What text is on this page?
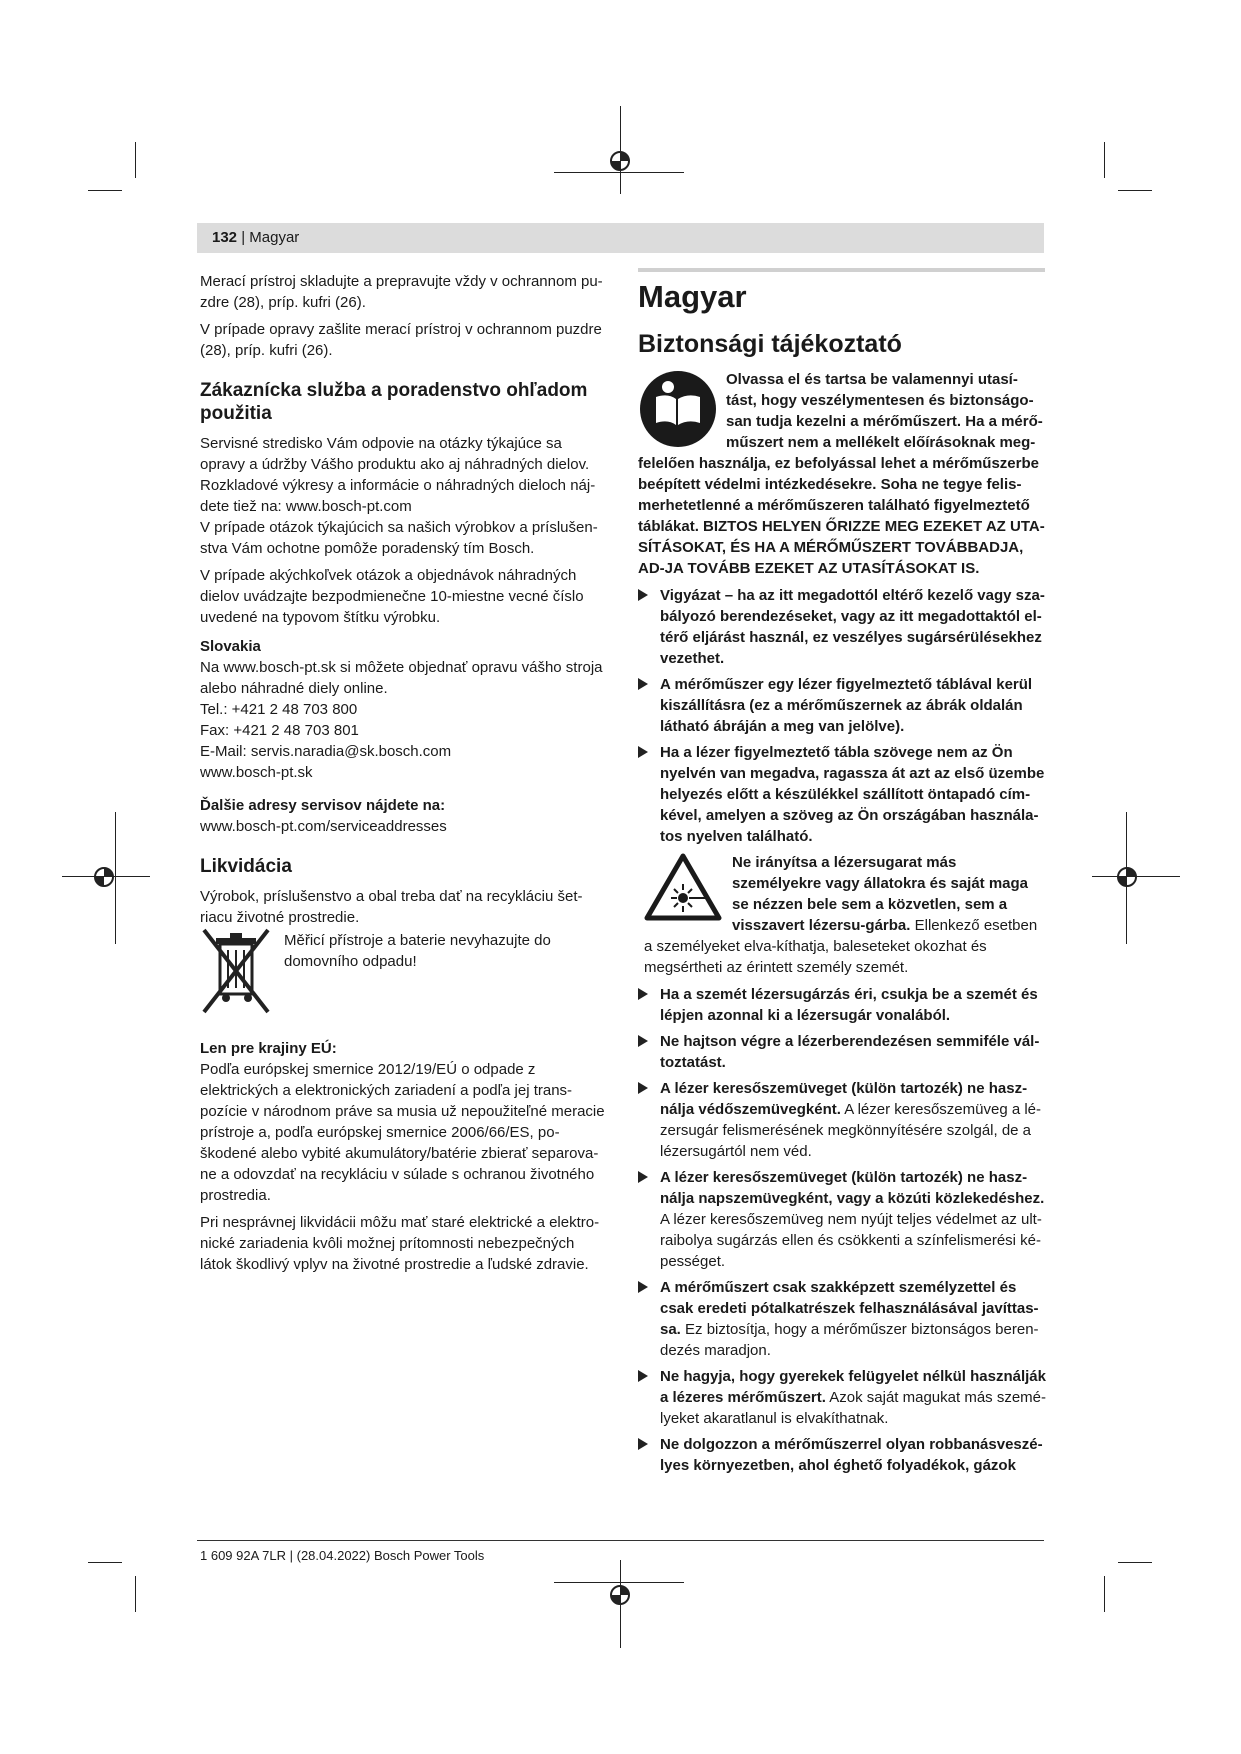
132 | Magyar

Merací prístroj skladujte a prepravujte vždy v ochrannom pu-zdre (28), príp. kufri (26).

V prípade opravy zašlite merací prístroj v ochrannom puzdre (28), príp. kufri (26).

Zákaznícka služba a poradenstvo ohľadom použitia

Servisné stredisko Vám odpovie na otázky týkajúce sa opravy a údržby Vášho produktu ako aj náhradných dielov. Rozkladové výkresy a informácie o náhradných dieloch náj-dete tiež na: www.bosch-pt.com

V prípade otázok týkajúcich sa našich výrobkov a príslušen-stva Vám ochotne pomôže poradenský tím Bosch.

V prípade akýchkoľvek otázok a objednávok náhradných dielov uvádzajte bezpodmienečne 10-miestne vecné číslo uvedené na typovom štítku výrobku.

Slovakia
Na www.bosch-pt.sk si môžete objednať opravu vášho stroja alebo náhradné diely online.
Tel.: +421 2 48 703 800
Fax: +421 2 48 703 801
E-Mail: servis.naradia@sk.bosch.com
www.bosch-pt.sk
Ďalšie adresy servisov nájdete na:

www.bosch-pt.com/serviceaddresses

Likvidácia

Výrobok, príslušenstvo a obal treba dať na recykláciu šet-riacu životné prostredie.

Měřicí přístroje a baterie nevyhazujte do domovního odpadu!
Len pre krajiny EÚ:

Podľa európskej smernice 2012/19/EÚ o odpade z elektrických a elektronických zariadení a podľa jej trans-pozície v národnom práve sa musia už nepoužiteľné meracie prístroje a, podľa európskej smernice 2006/66/ES, po-škodené alebo vybité akumulátory/batérie zbierať separova-ne a odovzdať na recykláciu v súlade s ochranou životného prostredia.

Pri nesprávnej likvidácii môžu mať staré elektrické a elektro-nické zariadenia kvôli možnej prítomnosti nebezpečných látok škodlivý vplyv na životné prostredie a ľudské zdravie.

Magyar
Biztonsági tájékoztató
Olvassa el és tartsa be valamennyi utasí-tást, hogy veszélymentesen és biztonságo-san tudja kezelni a mérőműszert. Ha a mérő-műszert nem a mellékelt előírásoknak meg-felelően használja, ez befolyással lehet a mérőműszerbe beépített védelmi intézkedésekre. Soha ne tegye felis-merhetetlenné a mérőműszeren található figyelmeztető táblákat. BIZTOS HELYEN ŐRIZZE MEG EZEKET AZ UTA-SÍTÁSOKAT, ÉS HA A MÉRŐMŰSZERT TOVÁBBADJA, AD-JA TOVÁBB EZEKET AZ UTASÍTÁSOKAT IS.
Vigyázat – ha az itt megadottól eltérő kezelő vagy sza-bályozó berendezéseket, vagy az itt megadottaktól el-térő eljárást használ, ez veszélyes sugársérülésekhez vezethet.
A mérőműszer egy lézer figyelmeztető táblával kerül kiszállításra (ez a mérőműszernek az ábrák oldalán látható ábráján a meg van jelölve).
Ha a lézer figyelmeztető tábla szövege nem az Ön nyelvén van megadva, ragassza át azt az első üzembe helyezés előtt a készülékkel szállított öntapadó cím-kével, amelyen a szöveg az Ön országában használa-tos nyelven található.
Ne irányítsa a lézersugarat más személyekre vagy állatokra és saját maga se nézzen bele sem a közvetlen, sem a visszavert lézersu-gárba. Ellenkező esetben a személyeket elva-kíthatja, baleseteket okozhat és megsértheti az érintett személy szemét.
Ha a szemét lézersugárzás éri, csukja be a szemét és lépjen azonnal ki a lézersugár vonalából.
Ne hajtson végre a lézerberendezésen semmiféle vál-toztatást.
A lézer keresőszemüveget (külön tartozék) ne hasz-nálja védőszemüvegként. A lézer keresőszemüveg a lé-zersugár felismerésének megkönnyítésére szolgál, de a lézersugártól nem véd.
A lézer keresőszemüveget (külön tartozék) ne hasz-nálja napszemüvegként, vagy a közúti közlekedéshez. A lézer keresőszemüveg nem nyújt teljes védelmet az ult-raibolya sugárzás ellen és csökkenti a színfelismerési ké-pességet.
A mérőműszert csak szakképzett személyzettel és csak eredeti pótalkatrészek felhasználásával javíttas-sa. Ez biztosítja, hogy a mérőműszer biztonságos beren-dezés maradjon.
Ne hagyja, hogy gyerekek felügyelet nélkül használják a lézeres mérőműszert. Azok saját magukat más szemé-lyeket akaratlanul is elvakíthatnak.
Ne dolgozzon a mérőműszerrel olyan robbanásveszé-lyes környezetben, ahol éghető folyadékok, gázok
1 609 92A 7LR | (28.04.2022) Bosch Power Tools
